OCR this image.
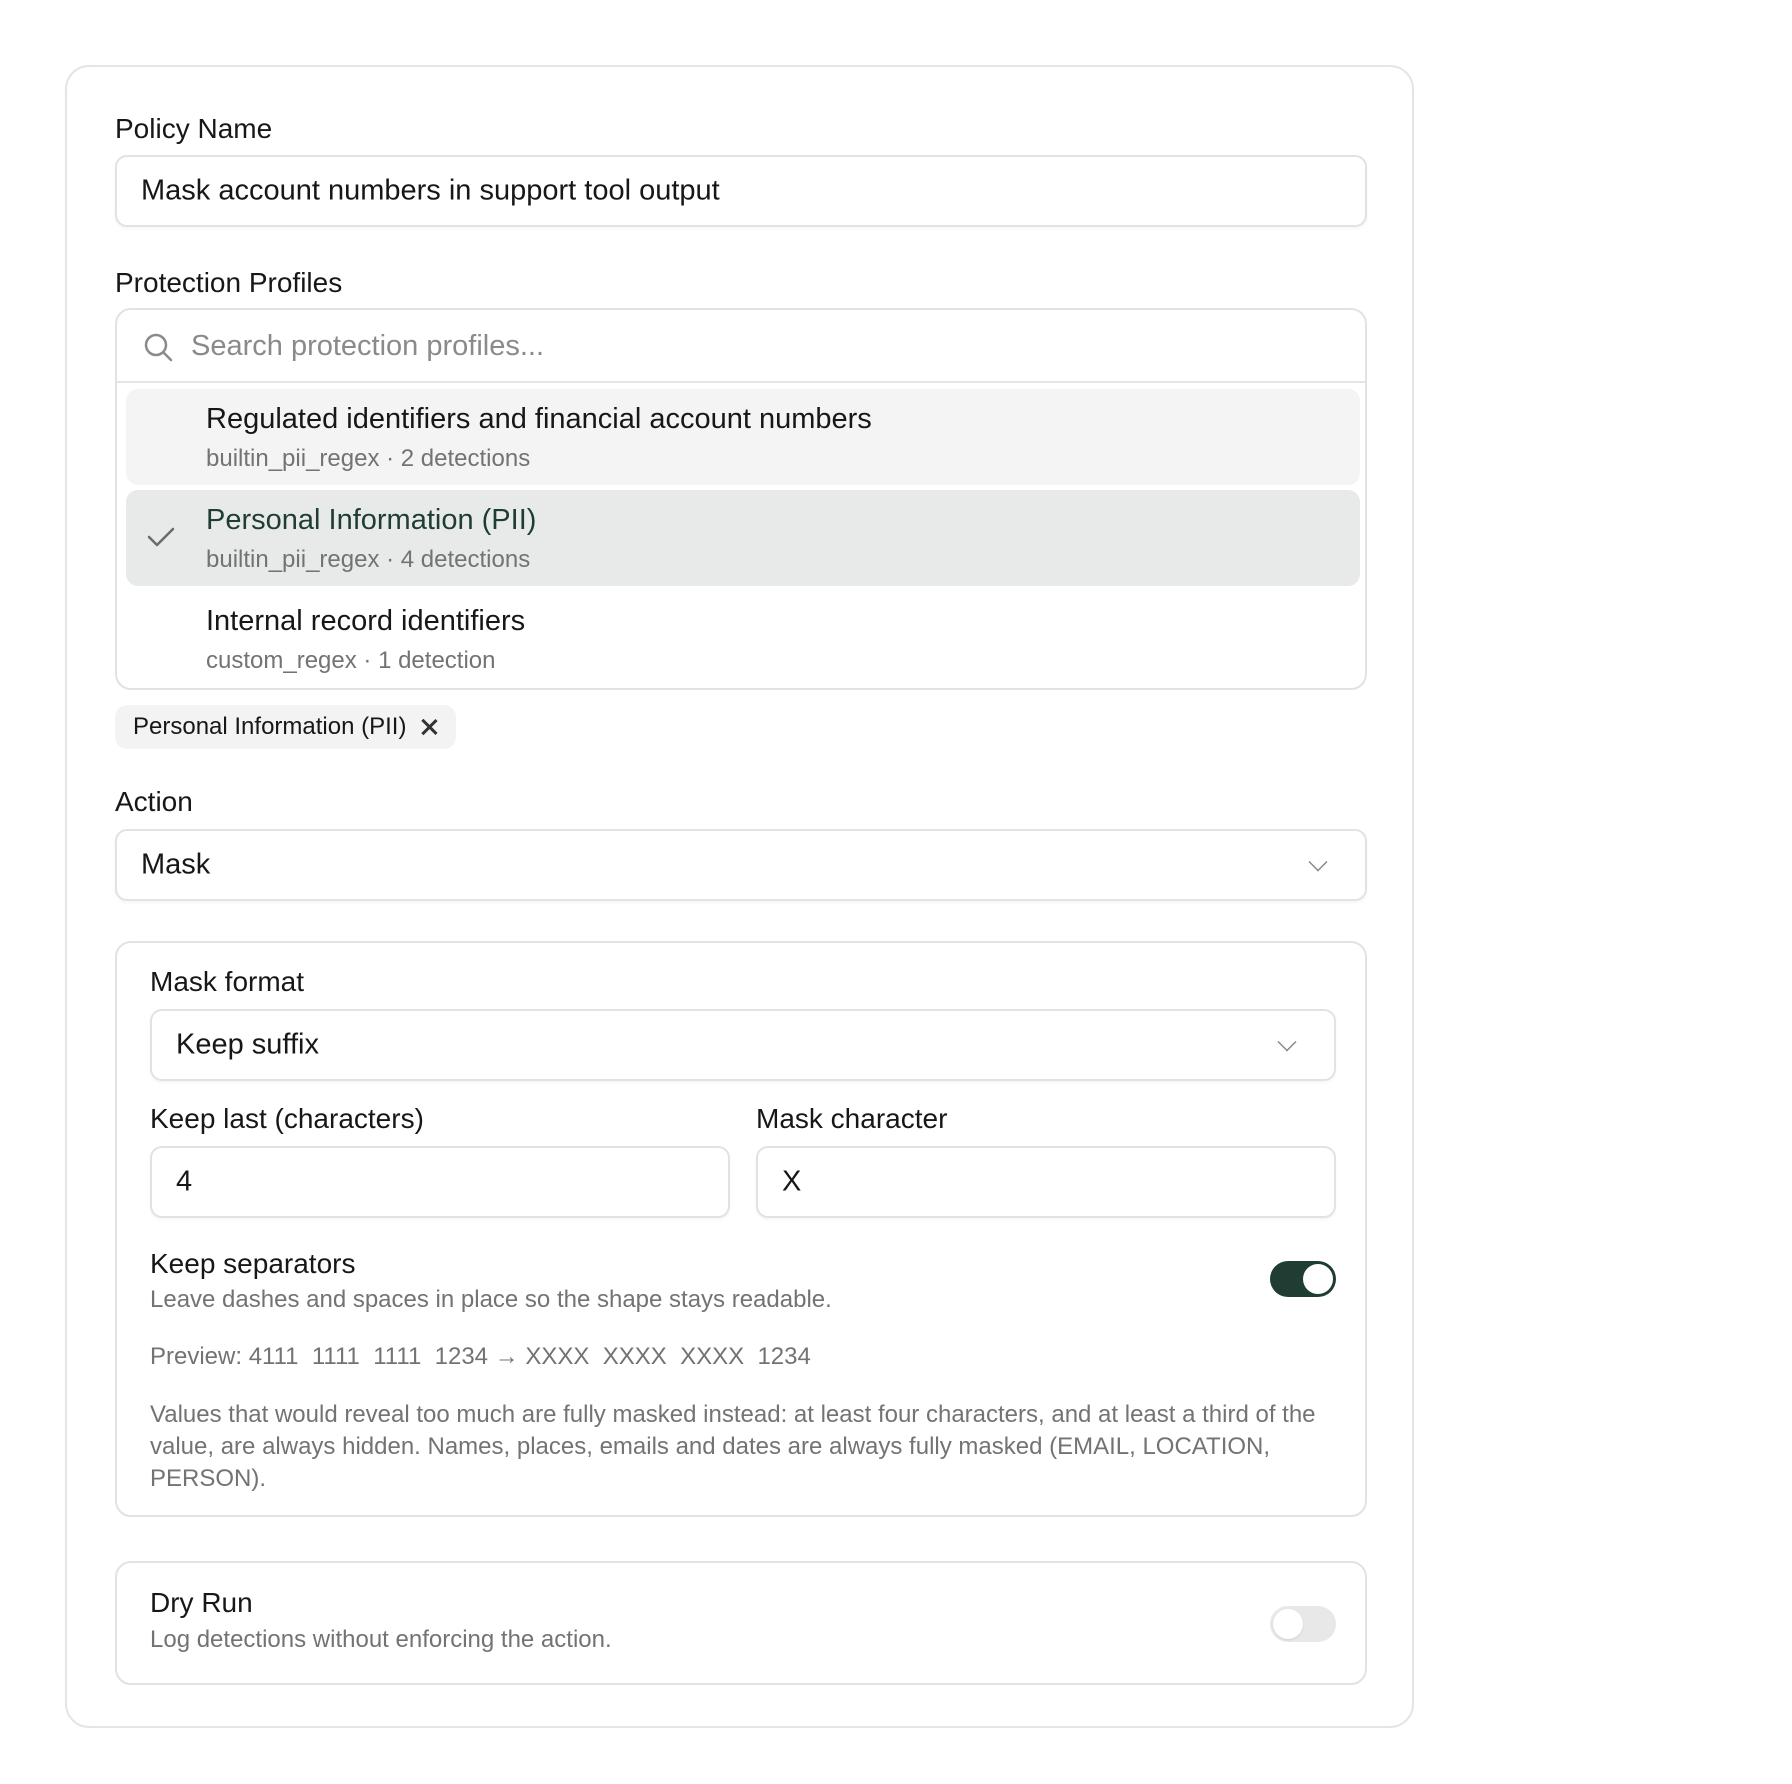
Policy Name
Mask account numbers in support tool output
Protection Profiles
Search protection profiles...
Regulated identifiers and financial account numbers
builtin_pii_regex · 2 detections
Personal Information (PII)
builtin_pii_regex · 4 detections
Internal record identifiers
custom_regex · 1 detection
Personal Information (PII)
Action
Mask
Mask format
Keep suffix
Keep last (characters)
4
Mask character
X
Keep separators
Leave dashes and spaces in place so the shape stays readable.
Preview: 4111  1111  1111  1234 → XXXX  XXXX  XXXX  1234
Values that would reveal too much are fully masked instead: at least four characters, and at least a third of the value, are always hidden. Names, places, emails and dates are always fully masked (EMAIL, LOCATION, PERSON).
Dry Run
Log detections without enforcing the action.
